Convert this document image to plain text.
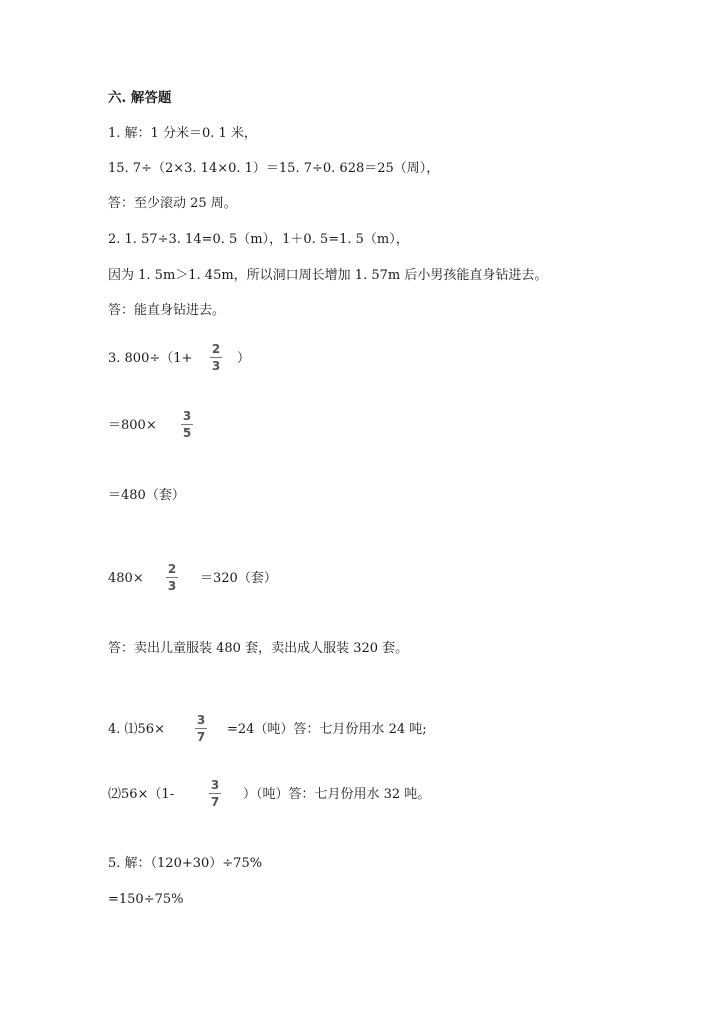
六. 解答题
1. 解：1 分米＝0. 1 米，
15. 7÷（2×3. 14×0. 1）＝15. 7÷0. 628＝25（周），
答：至少滚动 25 周。
2. 1. 57÷3. 14=0. 5（m），1＋0. 5=1. 5（m），
因为 1. 5m＞1. 45m，所以洞口周长增加 1. 57m 后小男孩能直身钻进去。
答：能直身钻进去。
3. 800÷（1+
2
3 ）
＝800×
3
5
＝480（套）
480×
2
3 ＝320（套）
答：卖出儿童服装 480 套，卖出成人服装 320 套。
4. ⑴56×
3
7 =24（吨）答：七月份用水 24 吨;
⑵56×（1-
3
7 ）（吨）答：七月份用水 32 吨。
5. 解：（120+30）÷75%
=150÷75%
